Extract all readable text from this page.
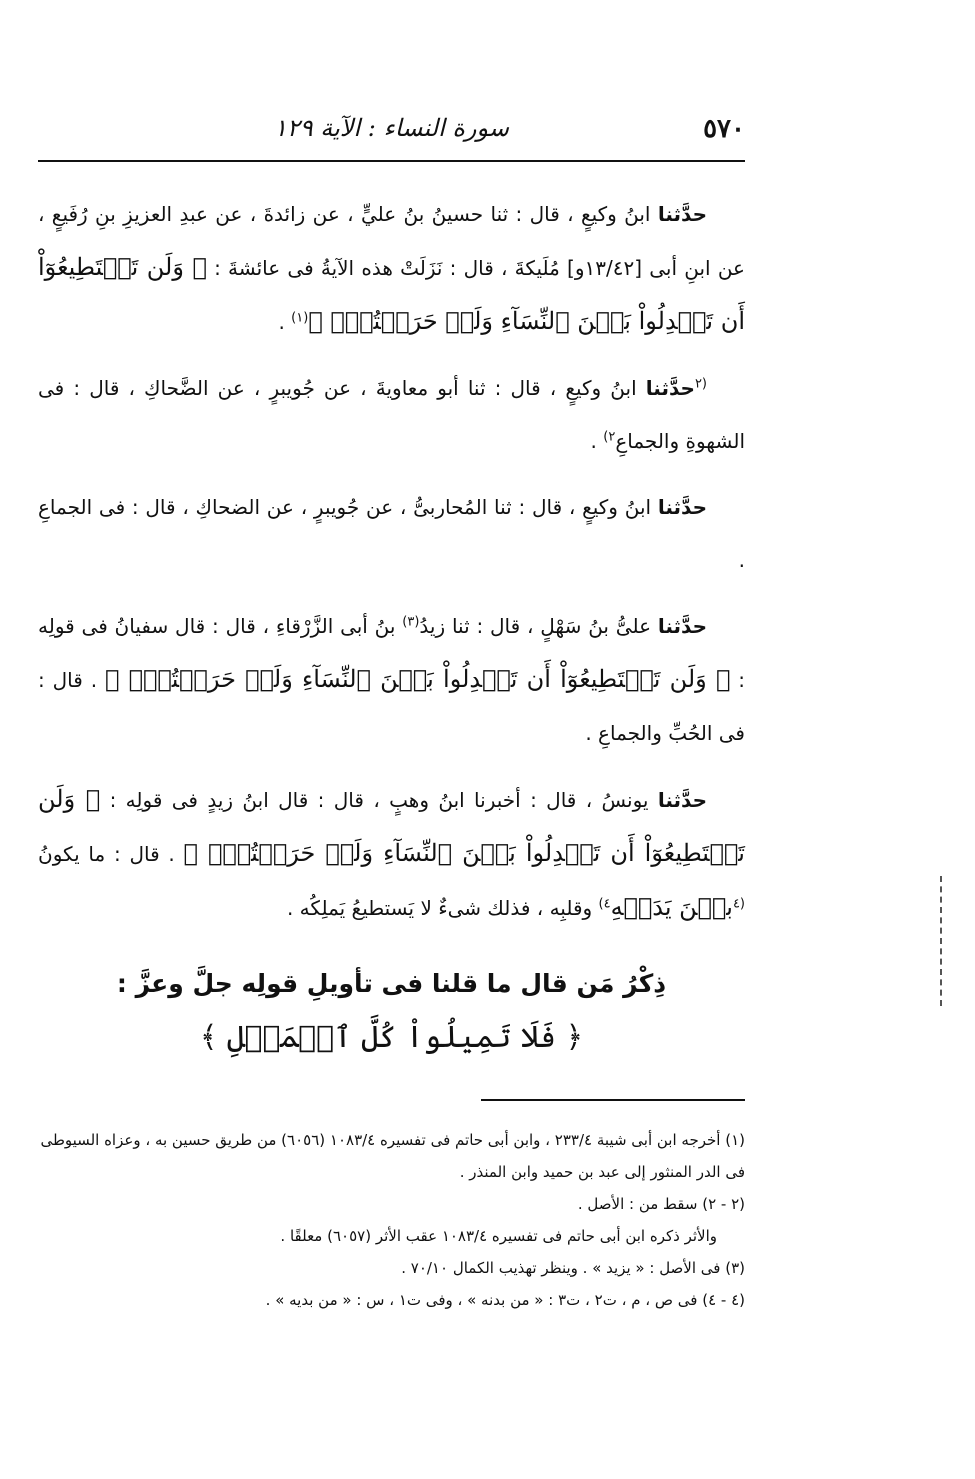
٥٧٠
سورة النساء : الآية ١٢٩

حدَّثنا ابنُ وكيعٍ ، قال : ثنا حسينُ بنُ عليٍّ ، عن زائدةَ ، عن عبدِ العزيزِ بنِ رُفَيعٍ ، عن ابنِ أبى [١٣/٤٢و] مُلَيكةَ ، قال : نَزَلَتْ هذه الآيةُ فى عائشةَ : ﴿ وَلَن تَسۡتَطِيعُوٓاْ أَن تَعۡدِلُواْ بَيۡنَ ٱلنِّسَآءِ وَلَوۡ حَرَصۡتُمۡۖ ﴾$^{(١)}$ .

$^{(٢}$حدَّثنا ابنُ وكيعٍ ، قال : ثنا أبو معاويةَ ، عن جُويبرٍ ، عن الضَّحاكِ ، قال : فى الشهوةِ والجماعِ$^{٢)}$ .

حدَّثنا ابنُ وكيعٍ ، قال : ثنا المُحاربىُّ ، عن جُويبرٍ ، عن الضحاكِ ، قال : فى الجماعِ .

حدَّثنا علىُّ بنُ سَهْلٍ ، قال : ثنا زيدُ$^{(٣)}$ بنُ أبى الزَّرْقاءِ ، قال : قال سفيانُ فى قولِه : ﴿ وَلَن تَسۡتَطِيعُوٓاْ أَن تَعۡدِلُواْ بَيۡنَ ٱلنِّسَآءِ وَلَوۡ حَرَصۡتُمۡۖ ﴾ . قال : فى الحُبِّ والجماعِ .

حدَّثنا يونسُ ، قال : أخبرنا ابنُ وهبٍ ، قال : قال ابنُ زيدٍ فى قولِه : ﴿ وَلَن تَسۡتَطِيعُوٓاْ أَن تَعۡدِلُواْ بَيۡنَ ٱلنِّسَآءِ وَلَوۡ حَرَصۡتُمۡۖ ﴾ . قال : ما يكونُ $^{(٤}$بيۡنَ يَدَيۡهِ$^{٤)}$ وقلبِه ، فذلك شىءٌ لا يَستطيعُ يَملِكُه .

ذِكْرُ مَن قال ما قلنا فى تأويلِ قولِه جلَّ وعزَّ :
﴿ فَلَا تَمِيلُواْ كُلَّ ٱلۡمَيۡلِ ﴾

(١) أخرجه ابن أبى شيبة ٢٣٣/٤ ، وابن أبى حاتم فى تفسيره ١٠٨٣/٤ (٦٠٥٦) من طريق حسين به ، وعزاه السيوطى فى الدر المنثور إلى عبد بن حميد وابن المنذر .

(٢ - ٢) سقط من : الأصل .

والأثر ذكره ابن أبى حاتم فى تفسيره ١٠٨٣/٤ عقب الأثر (٦٠٥٧) معلقًا .

(٣) فى الأصل : « يزيد » . وينظر تهذيب الكمال ٧٠/١٠ .

(٤ - ٤) فى ص ، م ، ت٢ ، ت٣ : « من بدنه » ، وفى ت١ ، س : « من بديه » .
